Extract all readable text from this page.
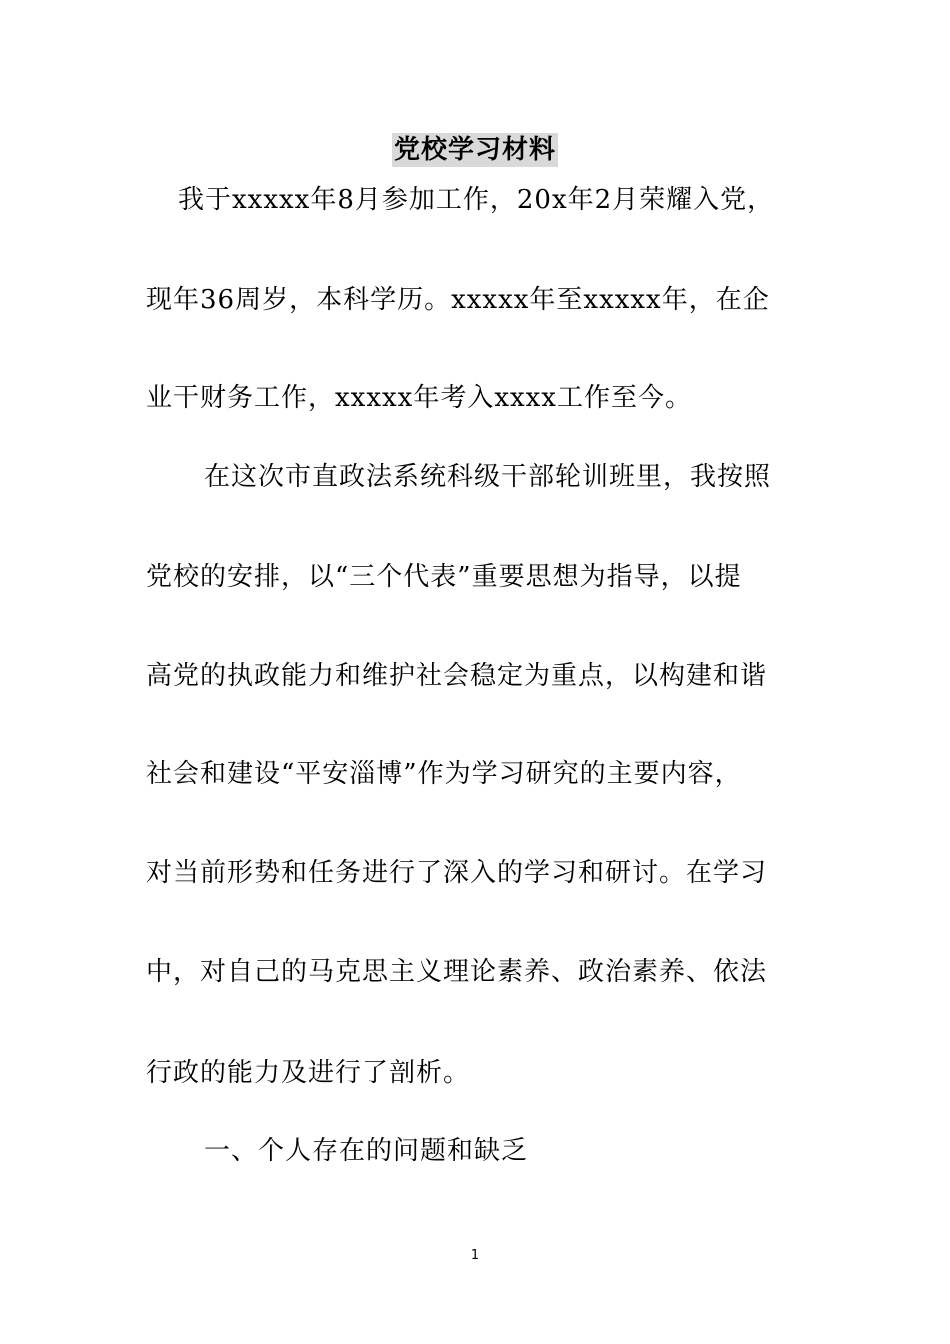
党校学习材料
我于xxxxx年8月参加工作，20x年2月荣耀入党，
现年36周岁，本科学历。xxxxx年至xxxxx年，在企
业干财务工作，xxxxx年考入xxxx工作至今。
在这次市直政法系统科级干部轮训班里，我按照
党校的安排，以“三个代表”重要思想为指导，以提
高党的执政能力和维护社会稳定为重点，以构建和谐
社会和建设“平安淄博”作为学习研究的主要内容，
对当前形势和任务进行了深入的学习和研讨。在学习
中，对自己的马克思主义理论素养、政治素养、依法
行政的能力及进行了剖析。
一、个人存在的问题和缺乏
1
